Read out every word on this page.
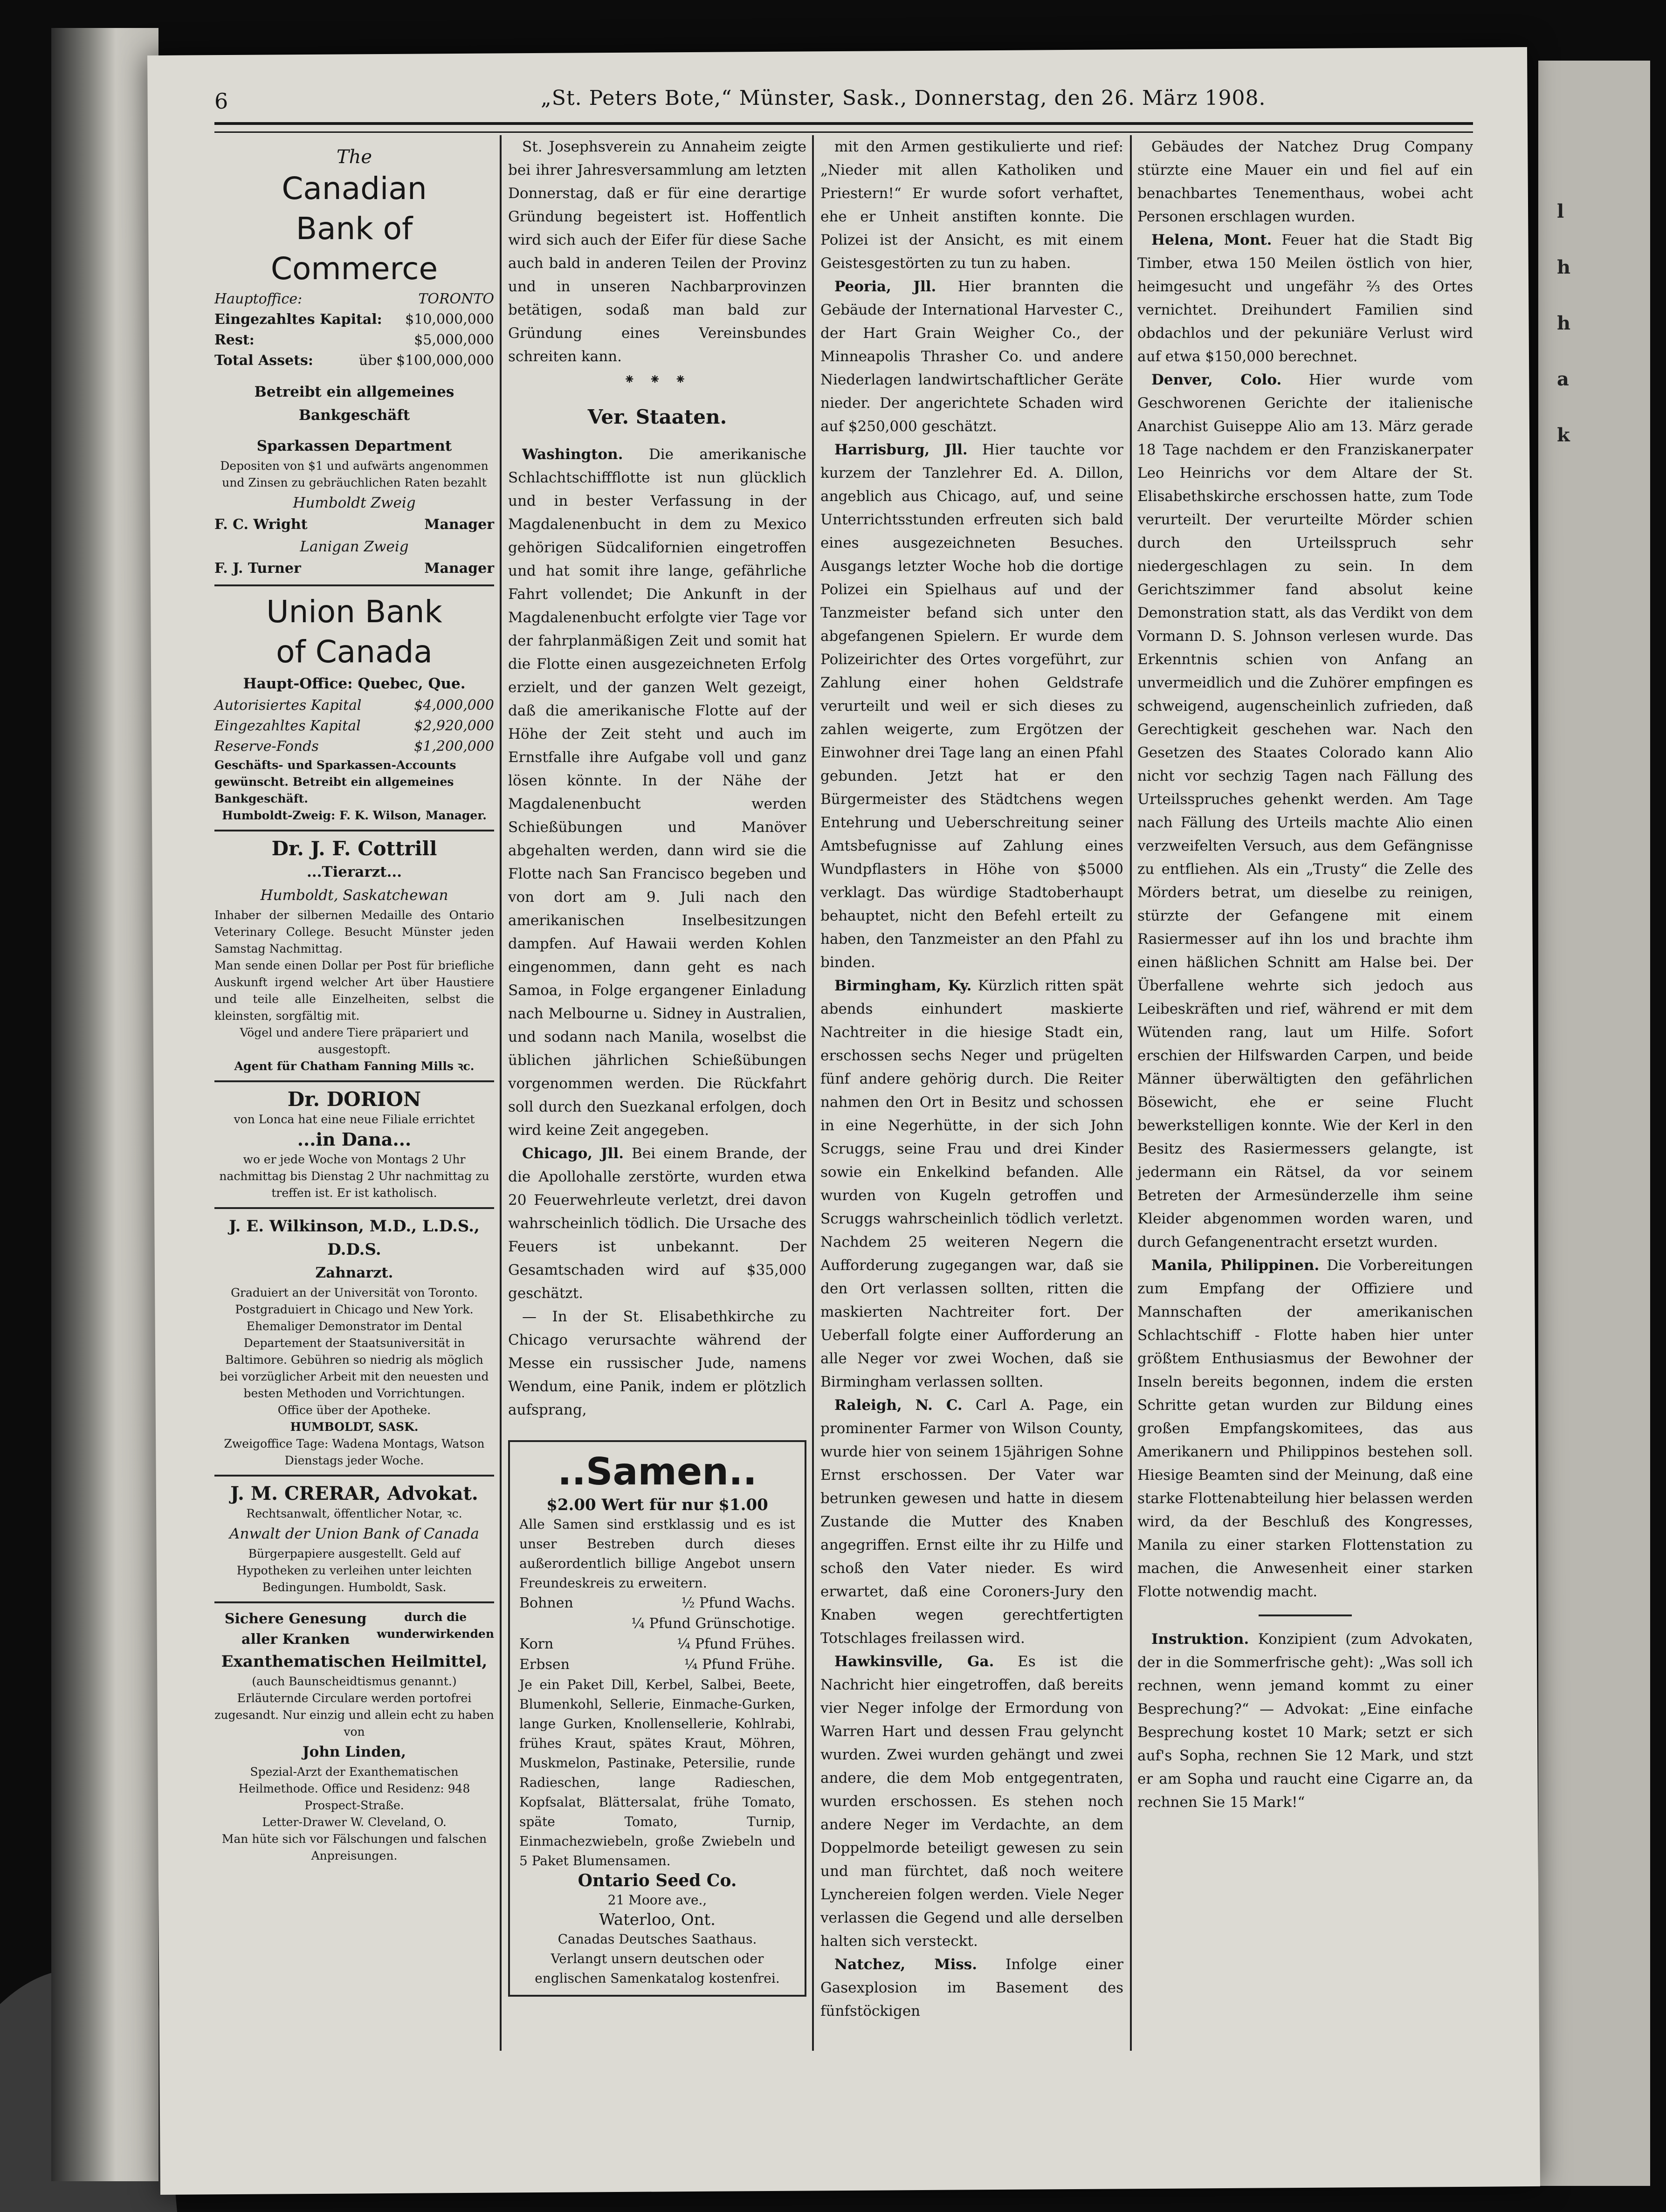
l
h
h
a
k
6	„St. Peters Bote,“ Münster, Sask., Donnerstag, den 26. März 1908.
The
Canadian
Bank of Commerce
Hauptoffice:	TORONTO
Eingezahltes Kapital: $10,000,000
Rest:	$5,000,000
Total Assets:	über $100,000,000
Betreibt ein allgemeines Bankgeschäft
Sparkassen Department
Depositen von $1 und aufwärts angenommen und Zinsen zu gebräuchlichen Raten bezahlt
Humboldt Zweig
F. C. Wright	Manager
Lanigan Zweig
F. J. Turner	Manager
Union Bank
of Canada
Haupt-Office: Quebec, Que.
Autorisiertes Kapital	$4,000,000
Eingezahltes Kapital	$2,920,000
Reserve-Fonds	$1,200,000
Geschäfts- und Sparkassen-Accounts gewünscht. Betreibt ein allgemeines Bankgeschäft.
Humboldt-Zweig: F. K. Wilson, Manager.
Dr. J. F. Cottrill
...Tierarzt...
Humboldt, Saskatchewan
Inhaber der silbernen Medaille des Ontario Veterinary College. Besucht Münster jeden Samstag Nachmittag.
Man sende einen Dollar per Post für briefliche Auskunft irgend welcher Art über Haustiere und teile alle Einzelheiten, selbst die kleinsten, sorgfältig mit.
Vögel und andere Tiere präpariert und ausgestopft.
Agent für Chatham Fanning Mills ꝛc.
Dr. DORION
von Lonca hat eine neue Filiale errichtet
...in Dana...
wo er jede Woche von Montags 2 Uhr nachmittag bis Dienstag 2 Uhr nachmittag zu treffen ist. Er ist katholisch.
J. E. Wilkinson, M.D., L.D.S., D.D.S.
Zahnarzt.
Graduiert an der Universität von Toronto. Postgraduiert in Chicago und New York. Ehemaliger Demonstrator im Dental Departement der Staatsuniversität in Baltimore. Gebühren so niedrig als möglich bei vorzüglicher Arbeit mit den neuesten und besten Methoden und Vorrichtungen.
Office über der Apotheke.
HUMBOLDT, SASK.
Zweigoffice Tage: Wadena Montags, Watson Dienstags jeder Woche.
J. M. CRERAR, Advokat.
Rechtsanwalt, öffentlicher Notar, ꝛc.
Anwalt der Union Bank of Canada
Bürgerpapiere ausgestellt. Geld auf Hypotheken zu verleihen unter leichten Bedingungen. Humboldt, Sask.
Sichere Genesung aller Kranken
durch die wunderwirkenden
Exanthematischen Heilmittel,
(auch Baunscheidtismus genannt.) Erläuternde Circulare werden portofrei zugesandt. Nur einzig und allein echt zu haben von
John Linden,
Spezial-Arzt der Exanthematischen Heilmethode. Office und Residenz: 948 Prospect-Straße.
Letter-Drawer W. Cleveland, O.
Man hüte sich vor Fälschungen und falschen Anpreisungen.

St. Josephsverein zu Annaheim zeigte bei ihrer Jahresversammlung am letzten Donnerstag, daß er für eine derartige Gründung begeistert ist. Hoffentlich wird sich auch der Eifer für diese Sache auch bald in anderen Teilen der Provinz und in unseren Nachbarprovinzen betätigen, sodaß man bald zur Gründung eines Vereinsbundes schreiten kann.

⁕ ⁕ ⁕
Ver. Staaten.

Washington. Die amerikanische Schlachtschiffflotte ist nun glücklich und in bester Verfassung in der Magdalenenbucht in dem zu Mexico gehörigen Südcalifornien eingetroffen und hat somit ihre lange, gefährliche Fahrt vollendet; Die Ankunft in der Magdalenenbucht erfolgte vier Tage vor der fahrplanmäßigen Zeit und somit hat die Flotte einen ausgezeichneten Erfolg erzielt, und der ganzen Welt gezeigt, daß die amerikanische Flotte auf der Höhe der Zeit steht und auch im Ernstfalle ihre Aufgabe voll und ganz lösen könnte. In der Nähe der Magdalenenbucht werden Schießübungen und Manöver abgehalten werden, dann wird sie die Flotte nach San Francisco begeben und von dort am 9. Juli nach den amerikanischen Inselbesitzungen dampfen. Auf Hawaii werden Kohlen eingenommen, dann geht es nach Samoa, in Folge ergangener Einladung nach Melbourne u. Sidney in Australien, und sodann nach Manila, woselbst die üblichen jährlichen Schießübungen vorgenommen werden. Die Rückfahrt soll durch den Suezkanal erfolgen, doch wird keine Zeit angegeben.

Chicago, Jll. Bei einem Brande, der die Apollohalle zerstörte, wurden etwa 20 Feuerwehrleute verletzt, drei davon wahrscheinlich tödlich. Die Ursache des Feuers ist unbekannt. Der Gesamtschaden wird auf $35,000 geschätzt.

— In der St. Elisabethkirche zu Chicago verursachte während der Messe ein russischer Jude, namens Wendum, eine Panik, indem er plötzlich aufsprang,

..Samen..
$2.00 Wert für nur $1.00
Alle Samen sind erstklassig und es ist unser Bestreben durch dieses außerordentlich billige Angebot unsern Freundeskreis zu erweitern.
Bohnen	½ Pfund Wachs.
¼ Pfund Grünschotige.
Korn	¼ Pfund Frühes.
Erbsen	¼ Pfund Frühe.
Je ein Paket Dill, Kerbel, Salbei, Beete, Blumenkohl, Sellerie, Einmache-Gurken, lange Gurken, Knollensellerie, Kohlrabi, frühes Kraut, spätes Kraut, Möhren, Muskmelon, Pastinake, Petersilie, runde Radieschen, lange Radieschen, Kopfsalat, Blättersalat, frühe Tomato, späte Tomato, Turnip, Einmachezwiebeln, große Zwiebeln und 5 Paket Blumensamen.
Ontario Seed Co.
21 Moore ave.,
Waterloo, Ont.
Canadas Deutsches Saathaus.
Verlangt unsern deutschen oder englischen Samenkatalog kostenfrei.

mit den Armen gestikulierte und rief: „Nieder mit allen Katholiken und Priestern!“ Er wurde sofort verhaftet, ehe er Unheit anstiften konnte. Die Polizei ist der Ansicht, es mit einem Geistesgestörten zu tun zu haben.

Peoria, Jll. Hier brannten die Gebäude der International Harvester C., der Hart Grain Weigher Co., der Minneapolis Thrasher Co. und andere Niederlagen landwirtschaftlicher Geräte nieder. Der angerichtete Schaden wird auf $250,000 geschätzt.

Harrisburg, Jll. Hier tauchte vor kurzem der Tanzlehrer Ed. A. Dillon, angeblich aus Chicago, auf, und seine Unterrichtsstunden erfreuten sich bald eines ausgezeichneten Besuches. Ausgangs letzter Woche hob die dortige Polizei ein Spielhaus auf und der Tanzmeister befand sich unter den abgefangenen Spielern. Er wurde dem Polizeirichter des Ortes vorgeführt, zur Zahlung einer hohen Geldstrafe verurteilt und weil er sich dieses zu zahlen weigerte, zum Ergötzen der Einwohner drei Tage lang an einen Pfahl gebunden. Jetzt hat er den Bürgermeister des Städtchens wegen Entehrung und Ueberschreitung seiner Amtsbefugnisse auf Zahlung eines Wundpflasters in Höhe von $5000 verklagt. Das würdige Stadtoberhaupt behauptet, nicht den Befehl erteilt zu haben, den Tanzmeister an den Pfahl zu binden.

Birmingham, Ky. Kürzlich ritten spät abends einhundert maskierte Nachtreiter in die hiesige Stadt ein, erschossen sechs Neger und prügelten fünf andere gehörig durch. Die Reiter nahmen den Ort in Besitz und schossen in eine Negerhütte, in der sich John Scruggs, seine Frau und drei Kinder sowie ein Enkelkind befanden. Alle wurden von Kugeln getroffen und Scruggs wahrscheinlich tödlich verletzt. Nachdem 25 weiteren Negern die Aufforderung zugegangen war, daß sie den Ort verlassen sollten, ritten die maskierten Nachtreiter fort. Der Ueberfall folgte einer Aufforderung an alle Neger vor zwei Wochen, daß sie Birmingham verlassen sollten.

Raleigh, N. C. Carl A. Page, ein prominenter Farmer von Wilson County, wurde hier von seinem 15jährigen Sohne Ernst erschossen. Der Vater war betrunken gewesen und hatte in diesem Zustande die Mutter des Knaben angegriffen. Ernst eilte ihr zu Hilfe und schoß den Vater nieder. Es wird erwartet, daß eine Coroners-Jury den Knaben wegen gerechtfertigten Totschlages freilassen wird.

Hawkinsville, Ga. Es ist die Nachricht hier eingetroffen, daß bereits vier Neger infolge der Ermordung von Warren Hart und dessen Frau gelyncht wurden. Zwei wurden gehängt und zwei andere, die dem Mob entgegentraten, wurden erschossen. Es stehen noch andere Neger im Verdachte, an dem Doppelmorde beteiligt gewesen zu sein und man fürchtet, daß noch weitere Lynchereien folgen werden. Viele Neger verlassen die Gegend und alle derselben halten sich versteckt.

Natchez, Miss. Infolge einer Gasexplosion im Basement des fünfstöckigen

Gebäudes der Natchez Drug Company stürzte eine Mauer ein und fiel auf ein benachbartes Tenementhaus, wobei acht Personen erschlagen wurden.

Helena, Mont. Feuer hat die Stadt Big Timber, etwa 150 Meilen östlich von hier, heimgesucht und ungefähr ⅔ des Ortes vernichtet. Dreihundert Familien sind obdachlos und der pekuniäre Verlust wird auf etwa $150,000 berechnet.

Denver, Colo. Hier wurde vom Geschworenen Gerichte der italienische Anarchist Guiseppe Alio am 13. März gerade 18 Tage nachdem er den Franziskanerpater Leo Heinrichs vor dem Altare der St. Elisabethskirche erschossen hatte, zum Tode verurteilt. Der verurteilte Mörder schien durch den Urteilsspruch sehr niedergeschlagen zu sein. In dem Gerichtszimmer fand absolut keine Demonstration statt, als das Verdikt von dem Vormann D. S. Johnson verlesen wurde. Das Erkenntnis schien von Anfang an unvermeidlich und die Zuhörer empfingen es schweigend, augenscheinlich zufrieden, daß Gerechtigkeit geschehen war. Nach den Gesetzen des Staates Colorado kann Alio nicht vor sechzig Tagen nach Fällung des Urteilsspruches gehenkt werden. Am Tage nach Fällung des Urteils machte Alio einen verzweifelten Versuch, aus dem Gefängnisse zu entfliehen. Als ein „Trusty“ die Zelle des Mörders betrat, um dieselbe zu reinigen, stürzte der Gefangene mit einem Rasiermesser auf ihn los und brachte ihm einen häßlichen Schnitt am Halse bei. Der Überfallene wehrte sich jedoch aus Leibeskräften und rief, während er mit dem Wütenden rang, laut um Hilfe. Sofort erschien der Hilfswarden Carpen, und beide Männer überwältigten den gefährlichen Bösewicht, ehe er seine Flucht bewerkstelligen konnte. Wie der Kerl in den Besitz des Rasiermessers gelangte, ist jedermann ein Rätsel, da vor seinem Betreten der Armesünderzelle ihm seine Kleider abgenommen worden waren, und durch Gefangenentracht ersetzt wurden.

Manila, Philippinen. Die Vorbereitungen zum Empfang der Offiziere und Mannschaften der amerikanischen Schlachtschiff - Flotte haben hier unter größtem Enthusiasmus der Bewohner der Inseln bereits begonnen, indem die ersten Schritte getan wurden zur Bildung eines großen Empfangskomitees, das aus Amerikanern und Philippinos bestehen soll. Hiesige Beamten sind der Meinung, daß eine starke Flottenabteilung hier belassen werden wird, da der Beschluß des Kongresses, Manila zu einer starken Flottenstation zu machen, die Anwesenheit einer starken Flotte notwendig macht.

Instruktion. Konzipient (zum Advokaten, der in die Sommerfrische geht): „Was soll ich rechnen, wenn jemand kommt zu einer Besprechung?“ — Advokat: „Eine einfache Besprechung kostet 10 Mark; setzt er sich auf's Sopha, rechnen Sie 12 Mark, und stzt er am Sopha und raucht eine Cigarre an, da rechnen Sie 15 Mark!“
